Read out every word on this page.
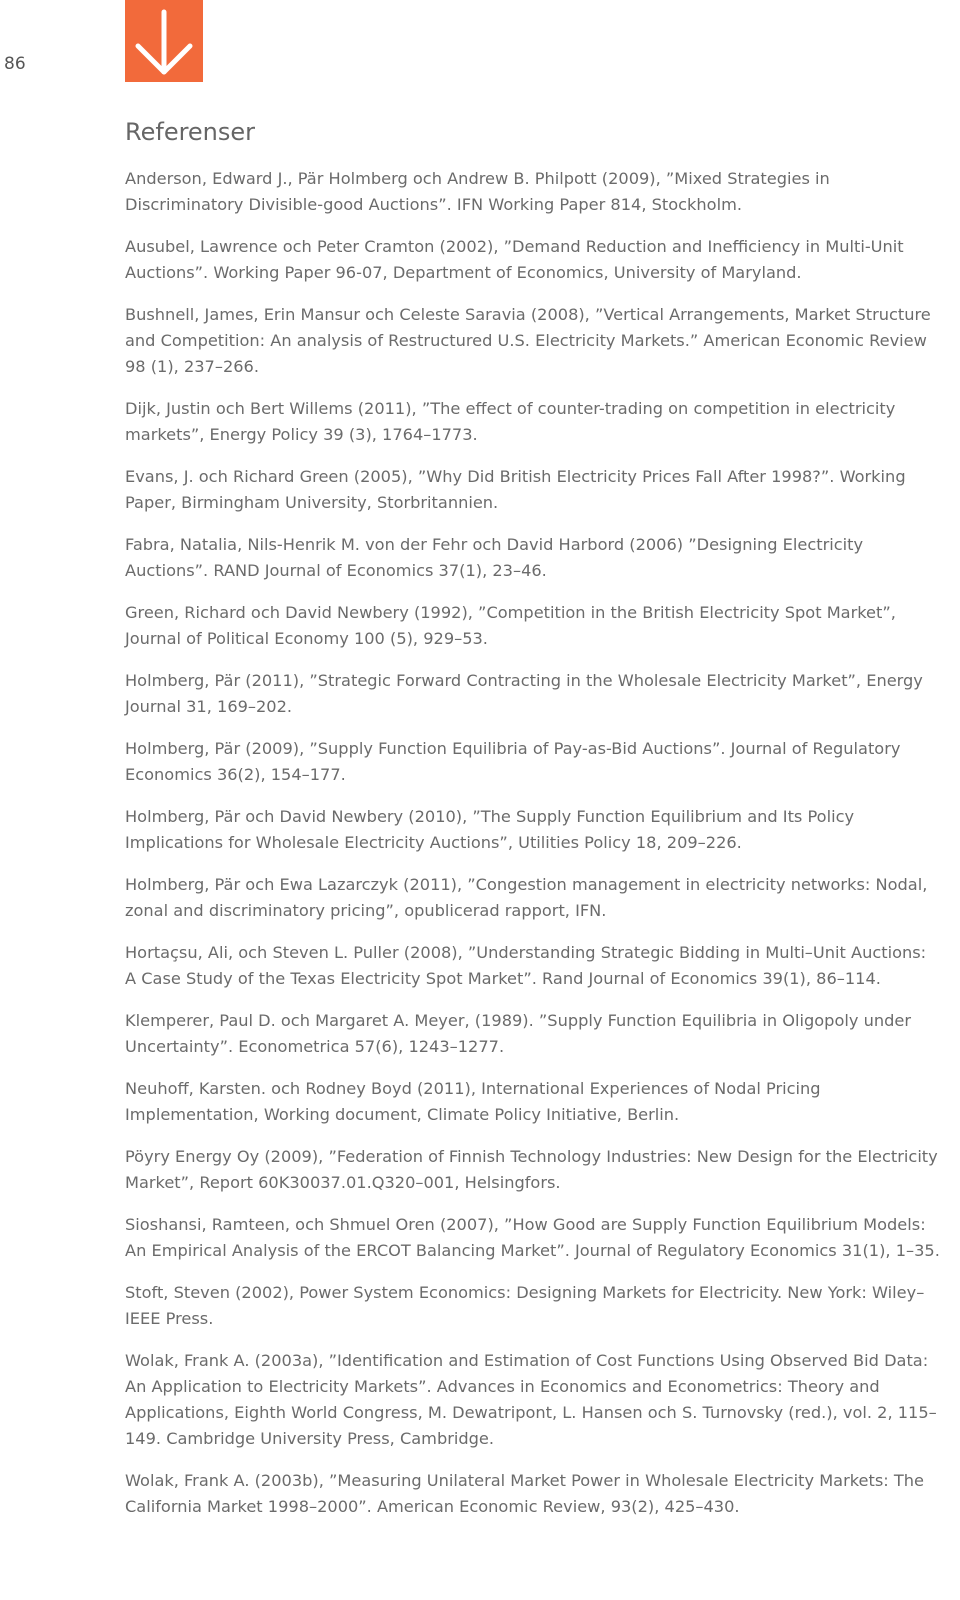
86
Referenser
Anderson, Edward J., Pär Holmberg och Andrew B. Philpott (2009), ”Mixed Strategies in Discriminatory Divisible-good Auctions”. IFN Working Paper 814, Stockholm.
Ausubel, Lawrence och Peter Cramton (2002), ”Demand Reduction and Inefficiency in Multi-Unit Auctions”. Working Paper 96-07, Department of Economics, University of Maryland.
Bushnell, James, Erin Mansur och Celeste Saravia (2008), ”Vertical Arrangements, Market Structure and Competition: An analysis of Restructured U.S. Electricity Markets.” American Economic Review 98 (1), 237–266.
Dijk, Justin och Bert Willems (2011), ”The effect of counter-trading on competition in electricity markets”, Energy Policy 39 (3), 1764–1773.
Evans, J. och Richard Green (2005), ”Why Did British Electricity Prices Fall After 1998?”. Working Paper, Birmingham University, Storbritannien.
Fabra, Natalia, Nils-Henrik M. von der Fehr och David Harbord (2006) ”Designing Electricity Auctions”. RAND Journal of Economics 37(1), 23–46.
Green, Richard och David Newbery (1992), ”Competition in the British Electricity Spot Market”, Journal of Political Economy 100 (5), 929–53.
Holmberg, Pär (2011), ”Strategic Forward Contracting in the Wholesale Electricity Market”, Energy Journal 31, 169–202.
Holmberg, Pär (2009), ”Supply Function Equilibria of Pay-as-Bid Auctions”. Journal of Regulatory Economics 36(2), 154–177.
Holmberg, Pär och David Newbery (2010), ”The Supply Function Equilibrium and Its Policy Implications for Wholesale Electricity Auctions”, Utilities Policy 18, 209–226.
Holmberg, Pär och Ewa Lazarczyk (2011), ”Congestion management in electricity networks: Nodal, zonal and discriminatory pricing”, opublicerad rapport, IFN.
Hortaçsu, Ali, och Steven L. Puller (2008), ”Understanding Strategic Bidding in Multi–Unit Auctions: A Case Study of the Texas Electricity Spot Market”. Rand Journal of Economics 39(1), 86–114.
Klemperer, Paul D. och Margaret A. Meyer, (1989). ”Supply Function Equilibria in Oligopoly under Uncertainty”. Econometrica 57(6), 1243–1277.
Neuhoff, Karsten. och Rodney Boyd (2011), International Experiences of Nodal Pricing Implementation, Working document, Climate Policy Initiative, Berlin.
Pöyry Energy Oy (2009), ”Federation of Finnish Technology Industries: New Design for the Electricity Market”, Report 60K30037.01.Q320–001, Helsingfors.
Sioshansi, Ramteen, och Shmuel Oren (2007), ”How Good are Supply Function Equilibrium Models: An Empirical Analysis of the ERCOT Balancing Market”. Journal of Regulatory Economics 31(1), 1–35.
Stoft, Steven (2002), Power System Economics: Designing Markets for Electricity. New York: Wiley–IEEE Press.
Wolak, Frank A. (2003a), ”Identification and Estimation of Cost Functions Using Observed Bid Data: An Application to Electricity Markets”. Advances in Economics and Econometrics: Theory and Applications, Eighth World Congress, M. Dewatripont, L. Hansen och S. Turnovsky (red.), vol. 2, 115–149. Cambridge University Press, Cambridge.
Wolak, Frank A. (2003b), ”Measuring Unilateral Market Power in Wholesale Electricity Markets: The California Market 1998–2000”. American Economic Review, 93(2), 425–430.
